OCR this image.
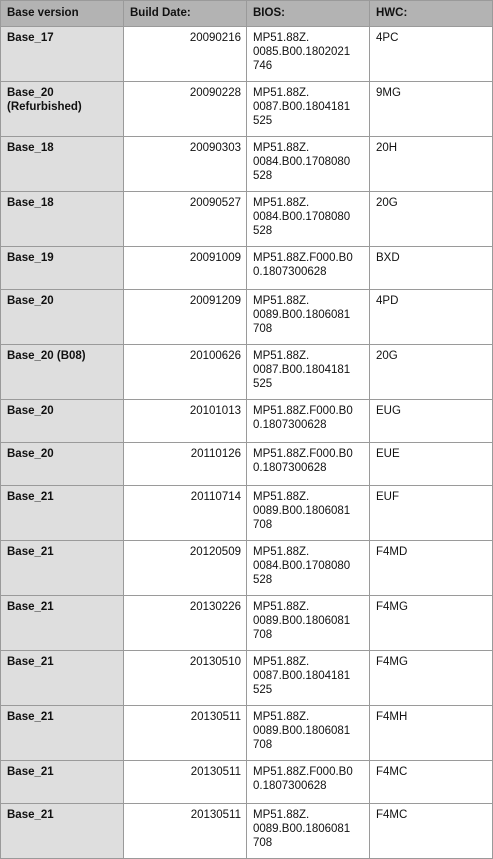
Base version	Build Date:	BIOS:	HWC:
Base_17	20090216	MP51.88Z.
0085.B00.1802021
746	4PC
Base_20
(Refurbished)	20090228	MP51.88Z.
0087.B00.1804181
525	9MG
Base_18	20090303	MP51.88Z.
0084.B00.1708080
528	20H
Base_18	20090527	MP51.88Z.
0084.B00.1708080
528	20G
Base_19	20091009	MP51.88Z.F000.B0
0.1807300628	BXD
Base_20	20091209	MP51.88Z.
0089.B00.1806081
708	4PD
Base_20 (B08)	20100626	MP51.88Z.
0087.B00.1804181
525	20G
Base_20	20101013	MP51.88Z.F000.B0
0.1807300628	EUG
Base_20	20110126	MP51.88Z.F000.B0
0.1807300628	EUE
Base_21	20110714	MP51.88Z.
0089.B00.1806081
708	EUF
Base_21	20120509	MP51.88Z.
0084.B00.1708080
528	F4MD
Base_21	20130226	MP51.88Z.
0089.B00.1806081
708	F4MG
Base_21	20130510	MP51.88Z.
0087.B00.1804181
525	F4MG
Base_21	20130511	MP51.88Z.
0089.B00.1806081
708	F4MH
Base_21	20130511	MP51.88Z.F000.B0
0.1807300628	F4MC
Base_21	20130511	MP51.88Z.
0089.B00.1806081
708	F4MC
